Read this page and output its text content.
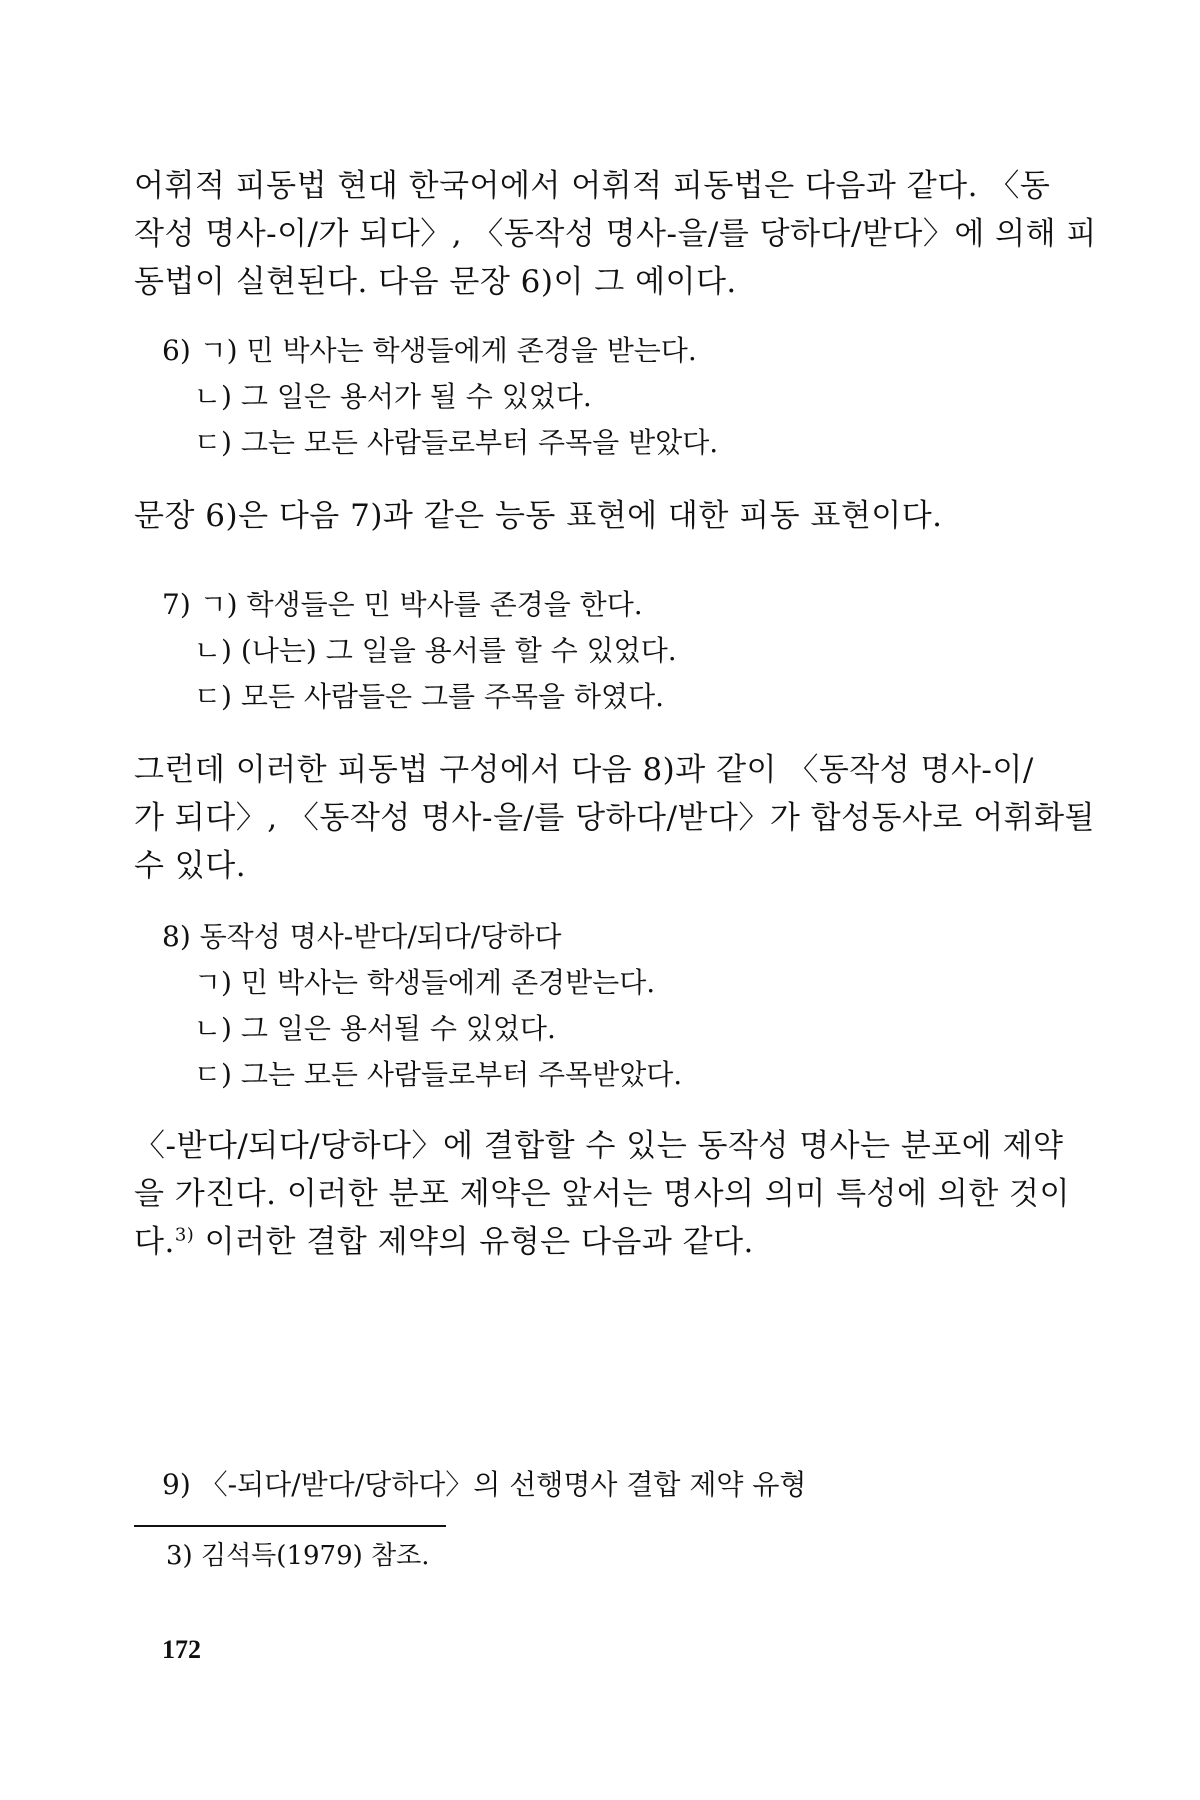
어휘적 피동법 현대 한국어에서 어휘적 피동법은 다음과 같다. 〈동
작성 명사-이/가 되다〉, 〈동작성 명사-을/를 당하다/받다〉에 의해 피
동법이 실현된다. 다음 문장 6)이 그 예이다.

6) ㄱ) 민 박사는 학생들에게 존경을 받는다.
ㄴ) 그 일은 용서가 될 수 있었다.
ㄷ) 그는 모든 사람들로부터 주목을 받았다.

문장 6)은 다음 7)과 같은 능동 표현에 대한 피동 표현이다.

7) ㄱ) 학생들은 민 박사를 존경을 한다.
ㄴ) (나는) 그 일을 용서를 할 수 있었다.
ㄷ) 모든 사람들은 그를 주목을 하였다.

그런데 이러한 피동법 구성에서 다음 8)과 같이 〈동작성 명사-이/
가 되다〉, 〈동작성 명사-을/를 당하다/받다〉가 합성동사로 어휘화될
수 있다.

8) 동작성 명사-받다/되다/당하다
ㄱ) 민 박사는 학생들에게 존경받는다.
ㄴ) 그 일은 용서될 수 있었다.
ㄷ) 그는 모든 사람들로부터 주목받았다.

〈-받다/되다/당하다〉에 결합할 수 있는 동작성 명사는 분포에 제약
을 가진다. 이러한 분포 제약은 앞서는 명사의 의미 특성에 의한 것이
다.$^{3)}$ 이러한 결합 제약의 유형은 다음과 같다.

9) 〈-되다/받다/당하다〉의 선행명사 결합 제약 유형
3) 김석득(1979) 참조.
172
